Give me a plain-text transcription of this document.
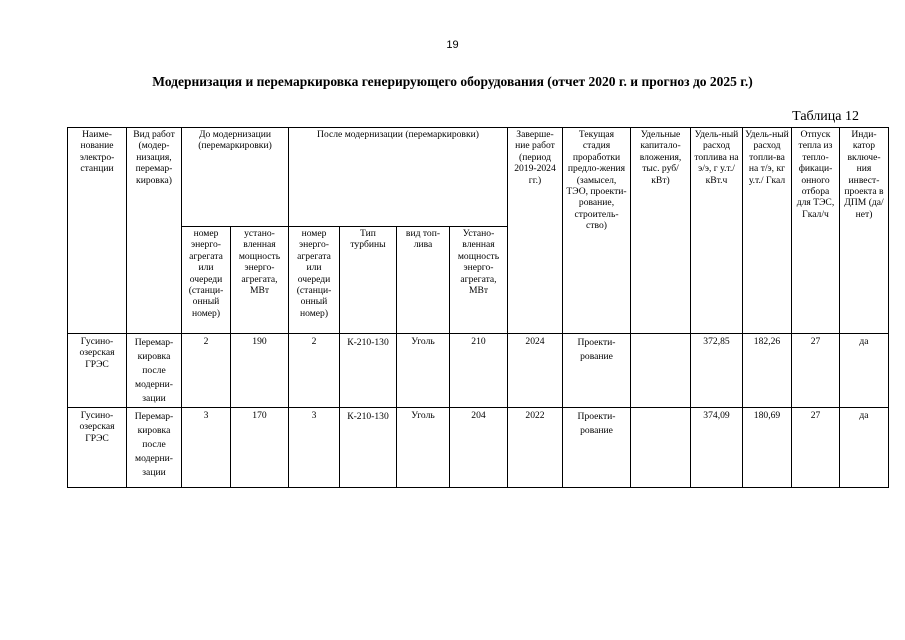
19
Модернизация и перемаркировка генерирующего оборудования (отчет 2020 г. и прогноз до 2025 г.)
Таблица 12
Наиме-нование электро-станции	Вид работ (модер-низация, перемар-кировка)	До модернизации (перемаркировки)		После модернизации (перемаркировки)				Заверше-ние работ (период 2019-2024 гг.)	Текущая стадия проработки предло-жения (замысел, ТЭО, проекти-рование, строитель-ство)	Удельные капитало-вложения, тыс. руб/кВт)	Удель-ный расход топлива на э/э, г у.т./ кВт.ч	Удель-ный расход топли-ва на т/э, кг у.т./ Гкал	Отпуск тепла из тепло-фикаци-онного отбора для ТЭС, Гкал/ч	Инди-катор включе-ния инвест-проекта в ДПМ (да/нет)
		номер энерго-агрегата или очереди (станци-онный номер)	устано-вленная мощность энерго-агрегата, МВт	номер энерго-агрегата или очереди (станци-онный номер)	Тип турбины	вид топ-лива	Устано-вленная мощность энерго-агрегата, МВт							
Гусино-озерская ГРЭС	Перемар-кировка после модерни-зации	2	190	2	К-210-130	Уголь	210	2024	Проекти-рование		372,85	182,26	27	да
Гусино-озерская ГРЭС	Перемар-кировка после модерни-зации	3	170	3	К-210-130	Уголь	204	2022	Проекти-рование		374,09	180,69	27	да
